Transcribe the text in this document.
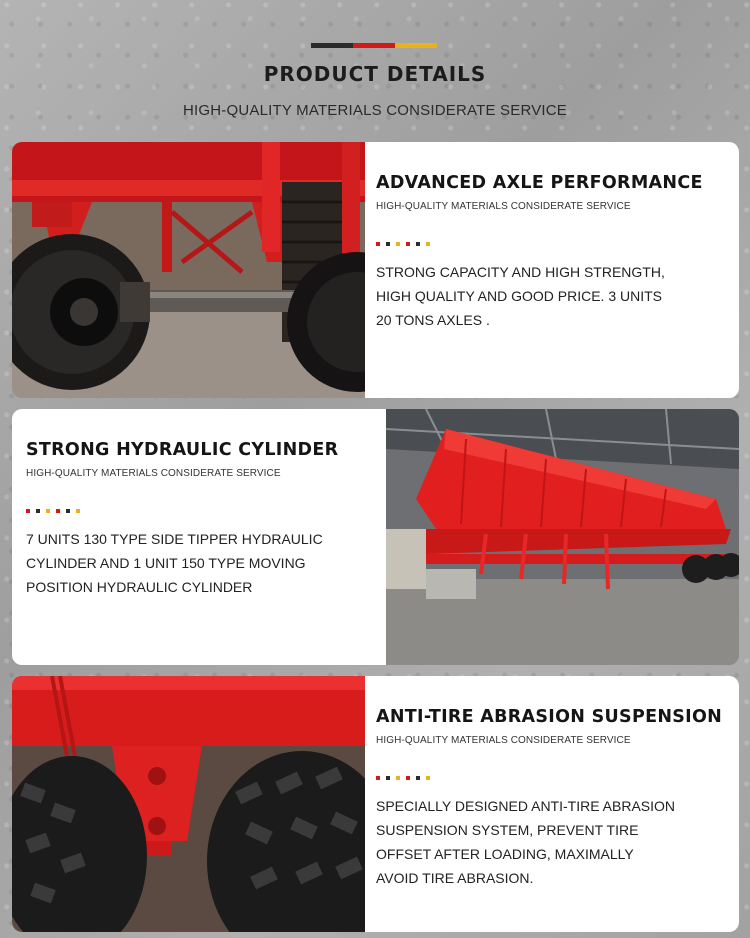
PRODUCT DETAILS
HIGH-QUALITY MATERIALS CONSIDERATE SERVICE
ADVANCED AXLE PERFORMANCE
HIGH-QUALITY MATERIALS CONSIDERATE SERVICE
STRONG CAPACITY AND HIGH STRENGTH,
HIGH QUALITY AND GOOD PRICE. 3 UNITS
20 TONS AXLES .
STRONG HYDRAULIC CYLINDER
HIGH-QUALITY MATERIALS CONSIDERATE SERVICE
7 UNITS 130 TYPE SIDE TIPPER HYDRAULIC
CYLINDER AND 1 UNIT 150 TYPE MOVING
POSITION HYDRAULIC CYLINDER
ANTI-TIRE ABRASION SUSPENSION
HIGH-QUALITY MATERIALS CONSIDERATE SERVICE
SPECIALLY DESIGNED ANTI-TIRE ABRASION
SUSPENSION SYSTEM, PREVENT TIRE
OFFSET AFTER LOADING, MAXIMALLY
AVOID TIRE ABRASION.
